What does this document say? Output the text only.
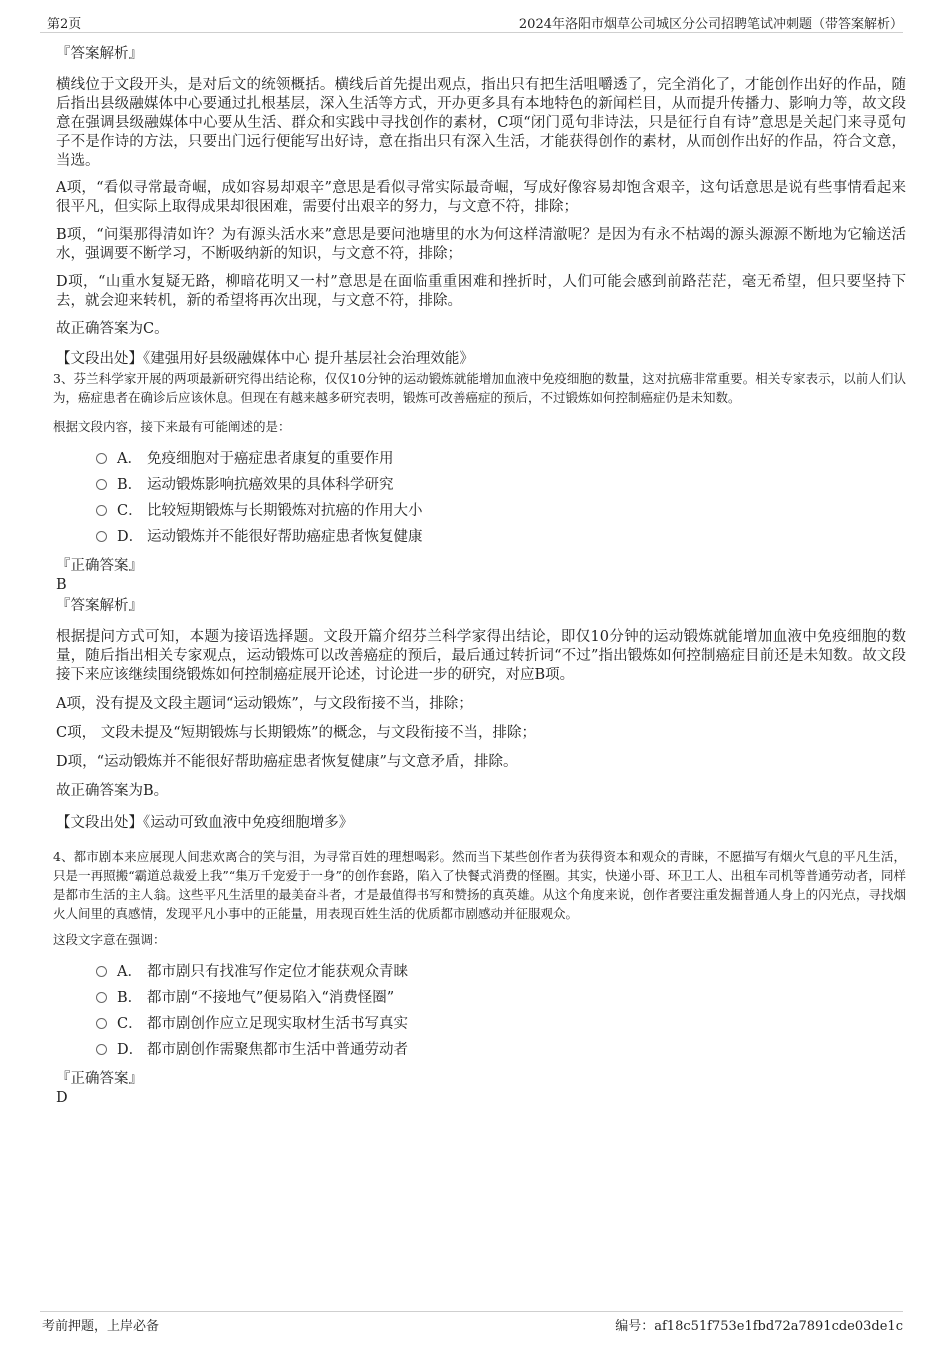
第2页	2024年洛阳市烟草公司城区分公司招聘笔试冲刺题（带答案解析）

『答案解析』

横线位于文段开头，是对后文的统领概括。横线后首先提出观点，指出只有把生活咀嚼透了，完全消化了，才能创作出好的作品，随后指出县级融媒体中心要通过扎根基层，深入生活等方式，开办更多具有本地特色的新闻栏目，从而提升传播力、影响力等，故文段意在强调县级融媒体中心要从生活、群众和实践中寻找创作的素材，C项“闭门觅句非诗法，只是征行自有诗”意思是关起门来寻觅句子不是作诗的方法，只要出门远行便能写出好诗，意在指出只有深入生活，才能获得创作的素材，从而创作出好的作品，符合文意，当选。

A项，“看似寻常最奇崛，成如容易却艰辛”意思是看似寻常实际最奇崛，写成好像容易却饱含艰辛，这句话意思是说有些事情看起来很平凡，但实际上取得成果却很困难，需要付出艰辛的努力，与文意不符，排除；

B项，“问渠那得清如许？为有源头活水来”意思是要问池塘里的水为何这样清澈呢？是因为有永不枯竭的源头源源不断地为它输送活水，强调要不断学习，不断吸纳新的知识，与文意不符，排除；

D项，“山重水复疑无路，柳暗花明又一村”意思是在面临重重困难和挫折时，人们可能会感到前路茫茫，毫无希望，但只要坚持下去，就会迎来转机，新的希望将再次出现，与文意不符，排除。

故正确答案为C。

【文段出处】《建强用好县级融媒体中心 提升基层社会治理效能》

3、芬兰科学家开展的两项最新研究得出结论称，仅仅10分钟的运动锻炼就能增加血液中免疫细胞的数量，这对抗癌非常重要。相关专家表示，以前人们认为，癌症患者在确诊后应该休息。但现在有越来越多研究表明，锻炼可改善癌症的预后，不过锻炼如何控制癌症仍是未知数。

根据文段内容，接下来最有可能阐述的是：

A． 免疫细胞对于癌症患者康复的重要作用
B． 运动锻炼影响抗癌效果的具体科学研究
C． 比较短期锻炼与长期锻炼对抗癌的作用大小
D． 运动锻炼并不能很好帮助癌症患者恢复健康

『正确答案』

B

『答案解析』

根据提问方式可知，本题为接语选择题。文段开篇介绍芬兰科学家得出结论，即仅10分钟的运动锻炼就能增加血液中免疫细胞的数量，随后指出相关专家观点，运动锻炼可以改善癌症的预后，最后通过转折词“不过”指出锻炼如何控制癌症目前还是未知数。故文段接下来应该继续围绕锻炼如何控制癌症展开论述，讨论进一步的研究，对应B项。

A项，没有提及文段主题词“运动锻炼”，与文段衔接不当，排除；

C项， 文段未提及“短期锻炼与长期锻炼”的概念，与文段衔接不当，排除；

D项，“运动锻炼并不能很好帮助癌症患者恢复健康”与文意矛盾，排除。

故正确答案为B。

【文段出处】《运动可致血液中免疫细胞增多》

4、都市剧本来应展现人间悲欢离合的笑与泪，为寻常百姓的理想喝彩。然而当下某些创作者为获得资本和观众的青睐，不愿描写有烟火气息的平凡生活，只是一再照搬“霸道总裁爱上我”“集万千宠爱于一身”的创作套路，陷入了快餐式消费的怪圈。其实，快递小哥、环卫工人、出租车司机等普通劳动者，同样是都市生活的主人翁。这些平凡生活里的最美奋斗者，才是最值得书写和赞扬的真英雄。从这个角度来说，创作者要注重发掘普通人身上的闪光点，寻找烟火人间里的真感情，发现平凡小事中的正能量，用表现百姓生活的优质都市剧感动并征服观众。

这段文字意在强调：

A． 都市剧只有找准写作定位才能获观众青睐
B． 都市剧“不接地气”便易陷入“消费怪圈”
C． 都市剧创作应立足现实取材生活书写真实
D． 都市剧创作需聚焦都市生活中普通劳动者

『正确答案』

D

考前押题，上岸必备	编号：af18c51f753e1fbd72a7891cde03de1c
